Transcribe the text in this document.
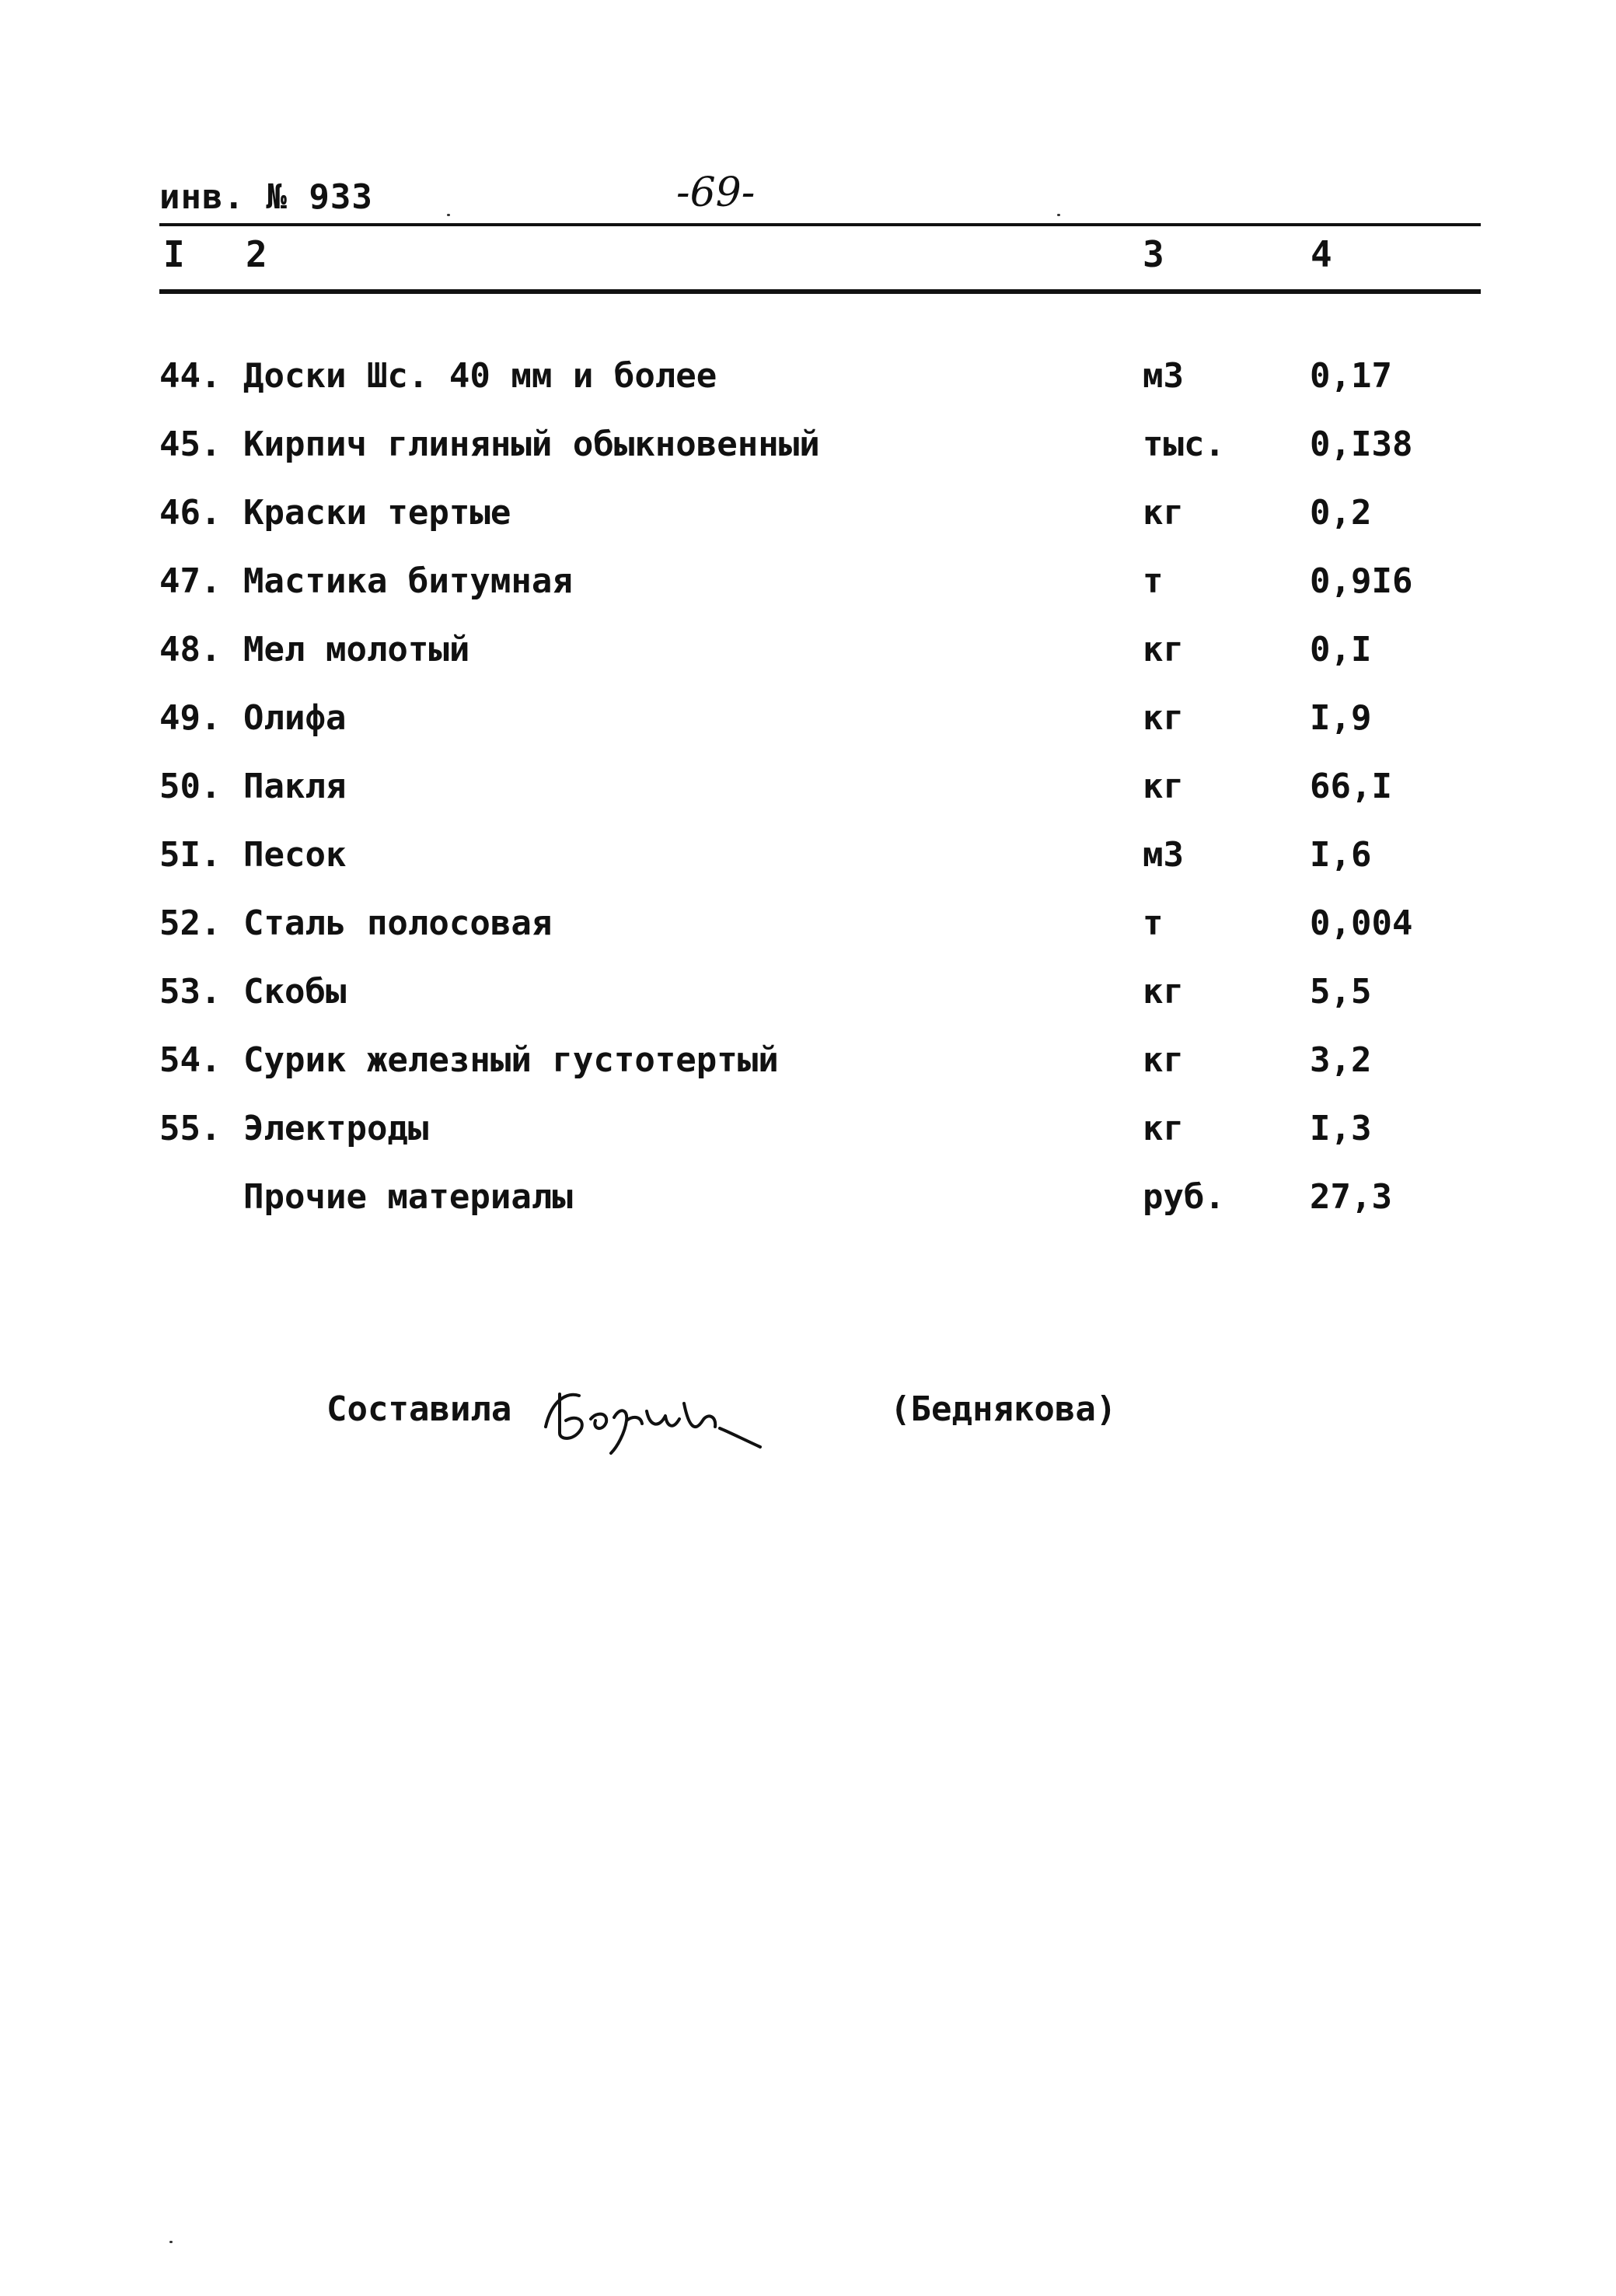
инв. № 933	-69-
I 2	3	4
44. Доски Шс. 40 мм и более	м3	0,17
45. Кирпич глиняный обыкновенный	тыс. 0,I38
46. Краски тертые	кг	0,2
47. Мастика битумная	т	0,9I6
48. Мел молотый	кг	0,I
49. Олифа	кг	I,9
50. Пакля	кг	66,I
5I. Песок	м3	I,6
52. Сталь полосовая	т	0,004
53. Скобы	кг	5,5
54. Сурик железный густотертый	кг	3,2
55. Электроды	кг	I,3
Прочие материалы	руб. 27,3
Составила	(Беднякова)
